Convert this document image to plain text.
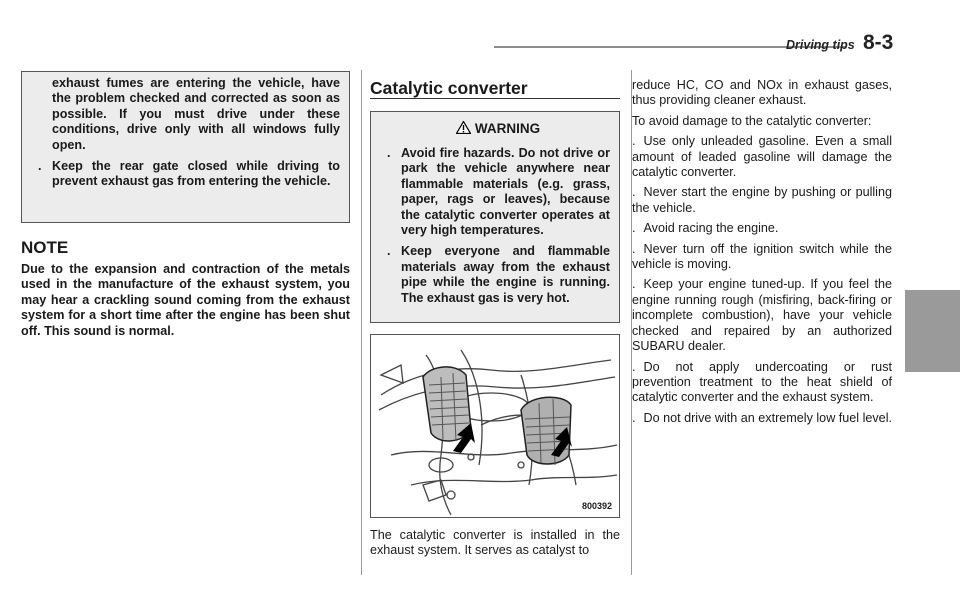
Driving tips 8-3
exhaust fumes are entering the vehicle, have the problem checked and corrected as soon as possible. If you must drive under these conditions, drive only with all windows fully open.
. Keep the rear gate closed while driving to prevent exhaust gas from entering the vehicle.
NOTE
Due to the expansion and contraction of the metals used in the manufacture of the exhaust system, you may hear a crackling sound coming from the exhaust system for a short time after the engine has been shut off. This sound is normal.
Catalytic converter
WARNING
. Avoid fire hazards. Do not drive or park the vehicle anywhere near flammable materials (e.g. grass, paper, rags or leaves), because the catalytic converter operates at very high temperatures.
. Keep everyone and flammable materials away from the exhaust pipe while the engine is running. The exhaust gas is very hot.
800392
The catalytic converter is installed in the exhaust system. It serves as catalyst to
reduce HC, CO and NOx in exhaust gases, thus providing cleaner exhaust.
To avoid damage to the catalytic converter:
. Use only unleaded gasoline. Even a small amount of leaded gasoline will damage the catalytic converter.
. Never start the engine by pushing or pulling the vehicle.
. Avoid racing the engine.
. Never turn off the ignition switch while the vehicle is moving.
. Keep your engine tuned-up. If you feel the engine running rough (misfiring, back-firing or incomplete combustion), have your vehicle checked and repaired by an authorized SUBARU dealer.
. Do not apply undercoating or rust prevention treatment to the heat shield of catalytic converter and the exhaust system.
. Do not drive with an extremely low fuel level.
